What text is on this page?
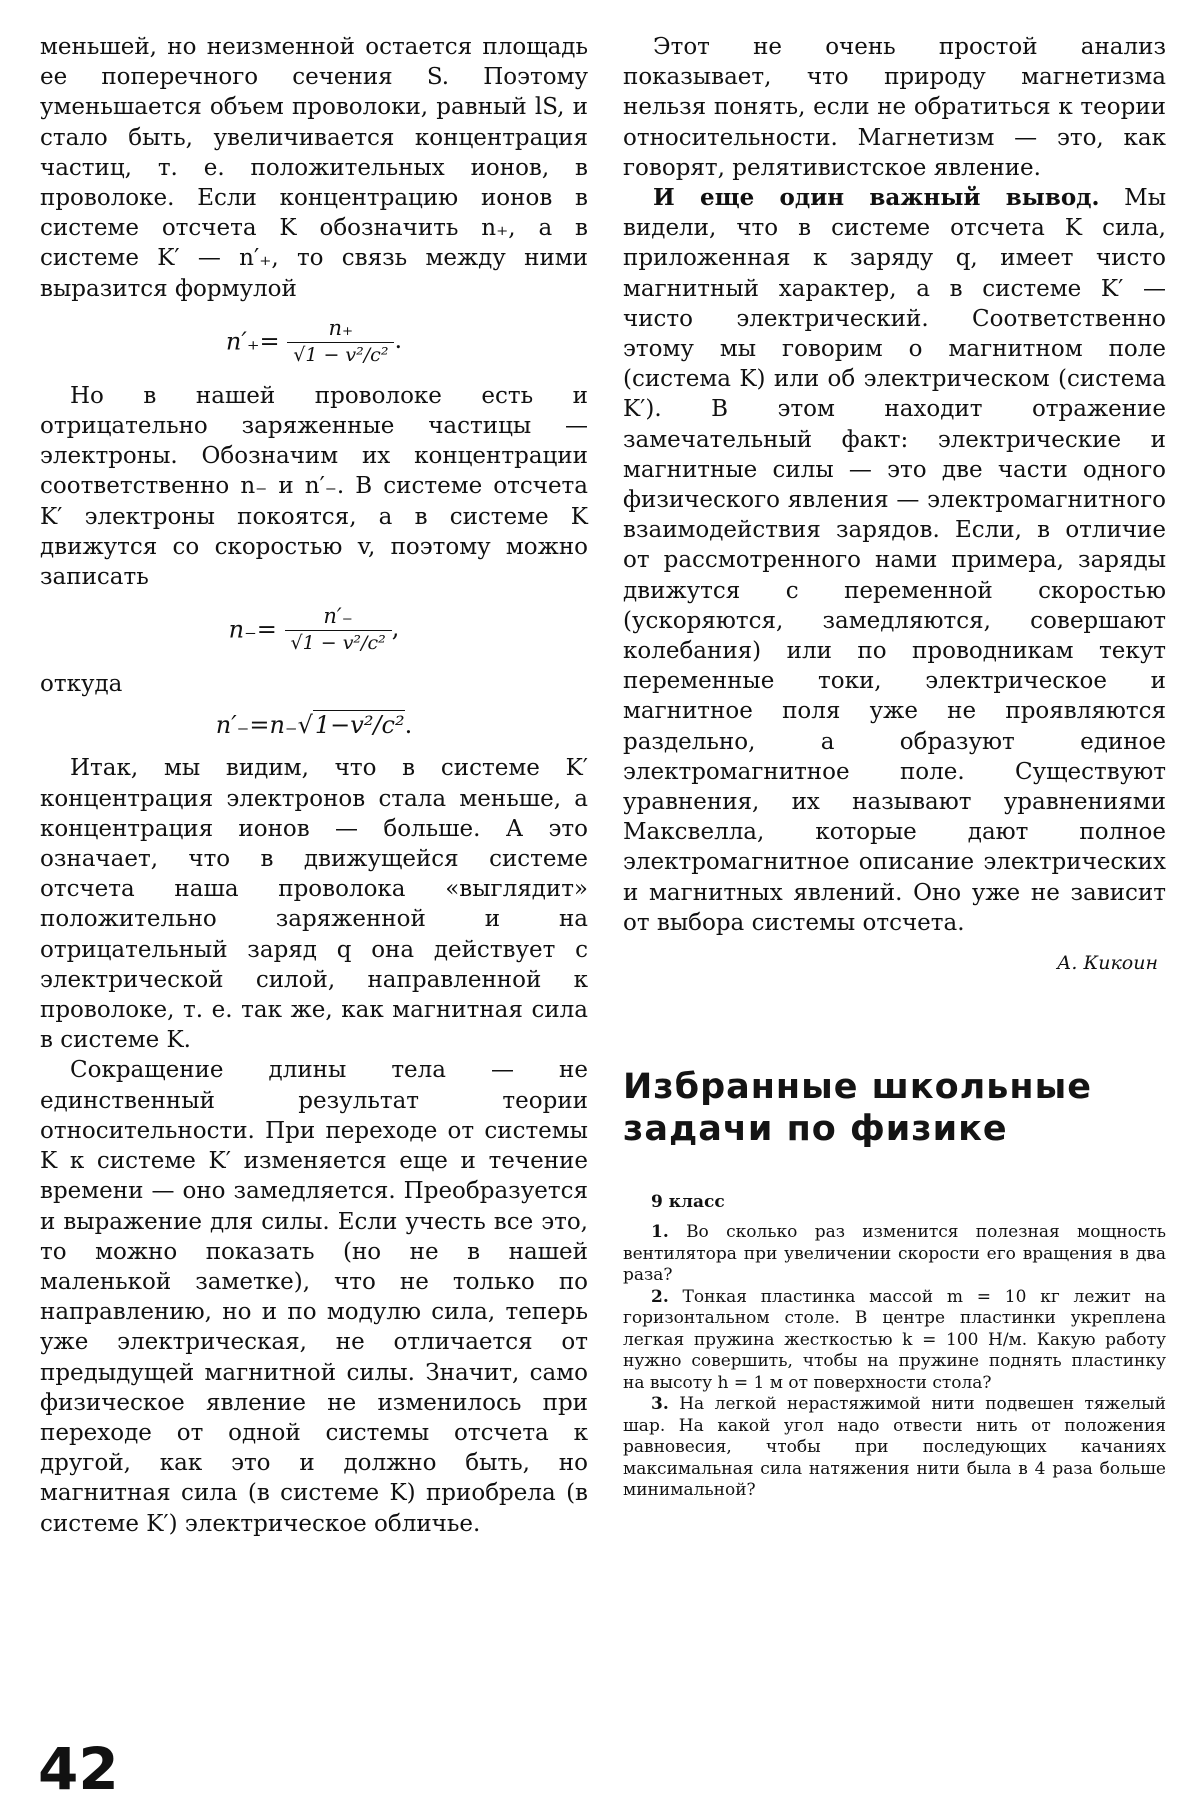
меньшей, но неизменной остается площадь ее поперечного сечения S. Поэтому уменьшается объем проволоки, равный lS, и стало быть, увеличивается концентрация частиц, т. е. положительных ионов, в проволоке. Если концентрацию ионов в системе отсчета K обозначить n₊, а в системе K′ — n′₊, то связь между ними выразится формулой

$n'_+= \frac{n_+}{\text{√1 − v²/c²}}$ .

Но в нашей проволоке есть и отрицательно заряженные частицы — электроны. Обозначим их концентрации соответственно n₋ и n′₋. В системе отсчета K′ электроны покоятся, а в системе K движутся со скоростью v, поэтому можно записать

$n_-= \frac{n'_-}{\text{√1 − v²/c²}}$ ,

откуда

n′₋=n₋√1−v²/c².

Итак, мы видим, что в системе K′ концентрация электронов стала меньше, а концентрация ионов — больше. А это означает, что в движущейся системе отсчета наша проволока «выглядит» положительно заряженной и на отрицательный заряд q она действует с электрической силой, направленной к проволоке, т. е. так же, как магнитная сила в системе K.

Сокращение длины тела — не единственный результат теории относительности. При переходе от системы K к системе K′ изменяется еще и течение времени — оно замедляется. Преобразуется и выражение для силы. Если учесть все это, то можно показать (но не в нашей маленькой заметке), что не только по направлению, но и по модулю сила, теперь уже электрическая, не отличается от предыдущей магнитной силы. Значит, само физическое явление не изменилось при переходе от одной системы отсчета к другой, как это и должно быть, но магнитная сила (в системе K) приобрела (в системе K′) электрическое обличье.

Этот не очень простой анализ показывает, что природу магнетизма нельзя понять, если не обратиться к теории относительности. Магнетизм — это, как говорят, релятивистское явление.

И еще один важный вывод. Мы видели, что в системе отсчета K сила, приложенная к заряду q, имеет чисто магнитный характер, а в системе K′ — чисто электрический. Соответственно этому мы говорим о магнитном поле (система K) или об электрическом (система K′). В этом находит отражение замечательный факт: электрические и магнитные силы — это две части одного физического явления — электромагнитного взаимодействия зарядов. Если, в отличие от рассмотренного нами примера, заряды движутся с переменной скоростью (ускоряются, замедляются, совершают колебания) или по проводникам текут переменные токи, электрическое и магнитное поля уже не проявляются раздельно, а образуют единое электромагнитное поле. Существуют уравнения, их называют уравнениями Максвелла, которые дают полное электромагнитное описание электрических и магнитных явлений. Оно уже не зависит от выбора системы отсчета.

А. Кикоин
Избранные школьные задачи по физике
9 класс

1. Во сколько раз изменится полезная мощность вентилятора при увеличении скорости его вращения в два раза?

2. Тонкая пластинка массой m = 10 кг лежит на горизонтальном столе. В центре пластинки укреплена легкая пружина жесткостью k = 100 Н/м. Какую работу нужно совершить, чтобы на пружине поднять пластинку на высоту h = 1 м от поверхности стола?

3. На легкой нерастяжимой нити подвешен тяжелый шар. На какой угол надо отвести нить от положения равновесия, чтобы при последующих качаниях максимальная сила натяжения нити была в 4 раза больше минимальной?

42
